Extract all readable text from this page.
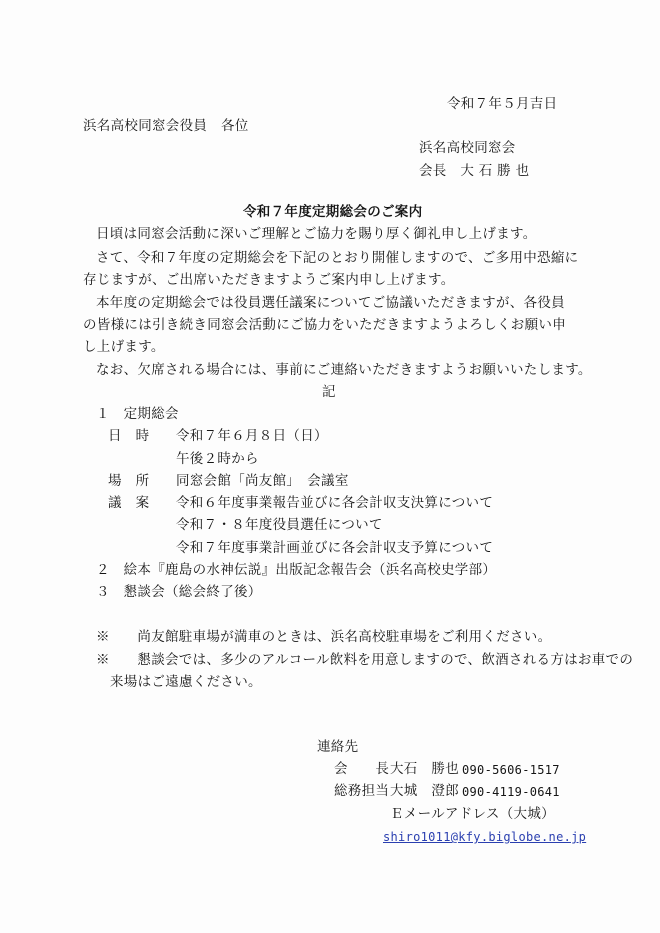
令和７年５月吉日
浜名高校同窓会役員　各位
浜名高校同窓会
会長　大 石 勝 也
令和７年度定期総会のご案内
日頃は同窓会活動に深いご理解とご協力を賜り厚く御礼申し上げます。
さて、令和７年度の定期総会を下記のとおり開催しますので、ご多用中恐縮に
存じますが、ご出席いただきますようご案内申し上げます。
本年度の定期総会では役員選任議案についてご協議いただきますが、各役員
の皆様には引き続き同窓会活動にご協力をいただきますようよろしくお願い申
し上げます。
なお、欠席される場合には、事前にご連絡いただきますようお願いいたします。
記
１　定期総会
日　時 令和７年６月８日（日）
午後２時から
場　所 同窓会館「尚友館」　会議室
議　案 令和６年度事業報告並びに各会計収支決算について
令和７・８年度役員選任について
令和７年度事業計画並びに各会計収支予算について
２　絵本『鹿島の水神伝説』出版記念報告会（浜名高校史学部）
３　懇談会（総会終了後）
※　　尚友館駐車場が満車のときは、浜名高校駐車場をご利用ください。
※　　懇談会では、多少のアルコール飲料を用意しますので、飲酒される方はお車での
来場はご遠慮ください。
連絡先
会　　長 大石　勝也 090-5606-1517
総務担当 大城　澄郎 090-4119-0641
Ｅメールアドレス（大城）
shiro1011@kfy.biglobe.ne.jp
